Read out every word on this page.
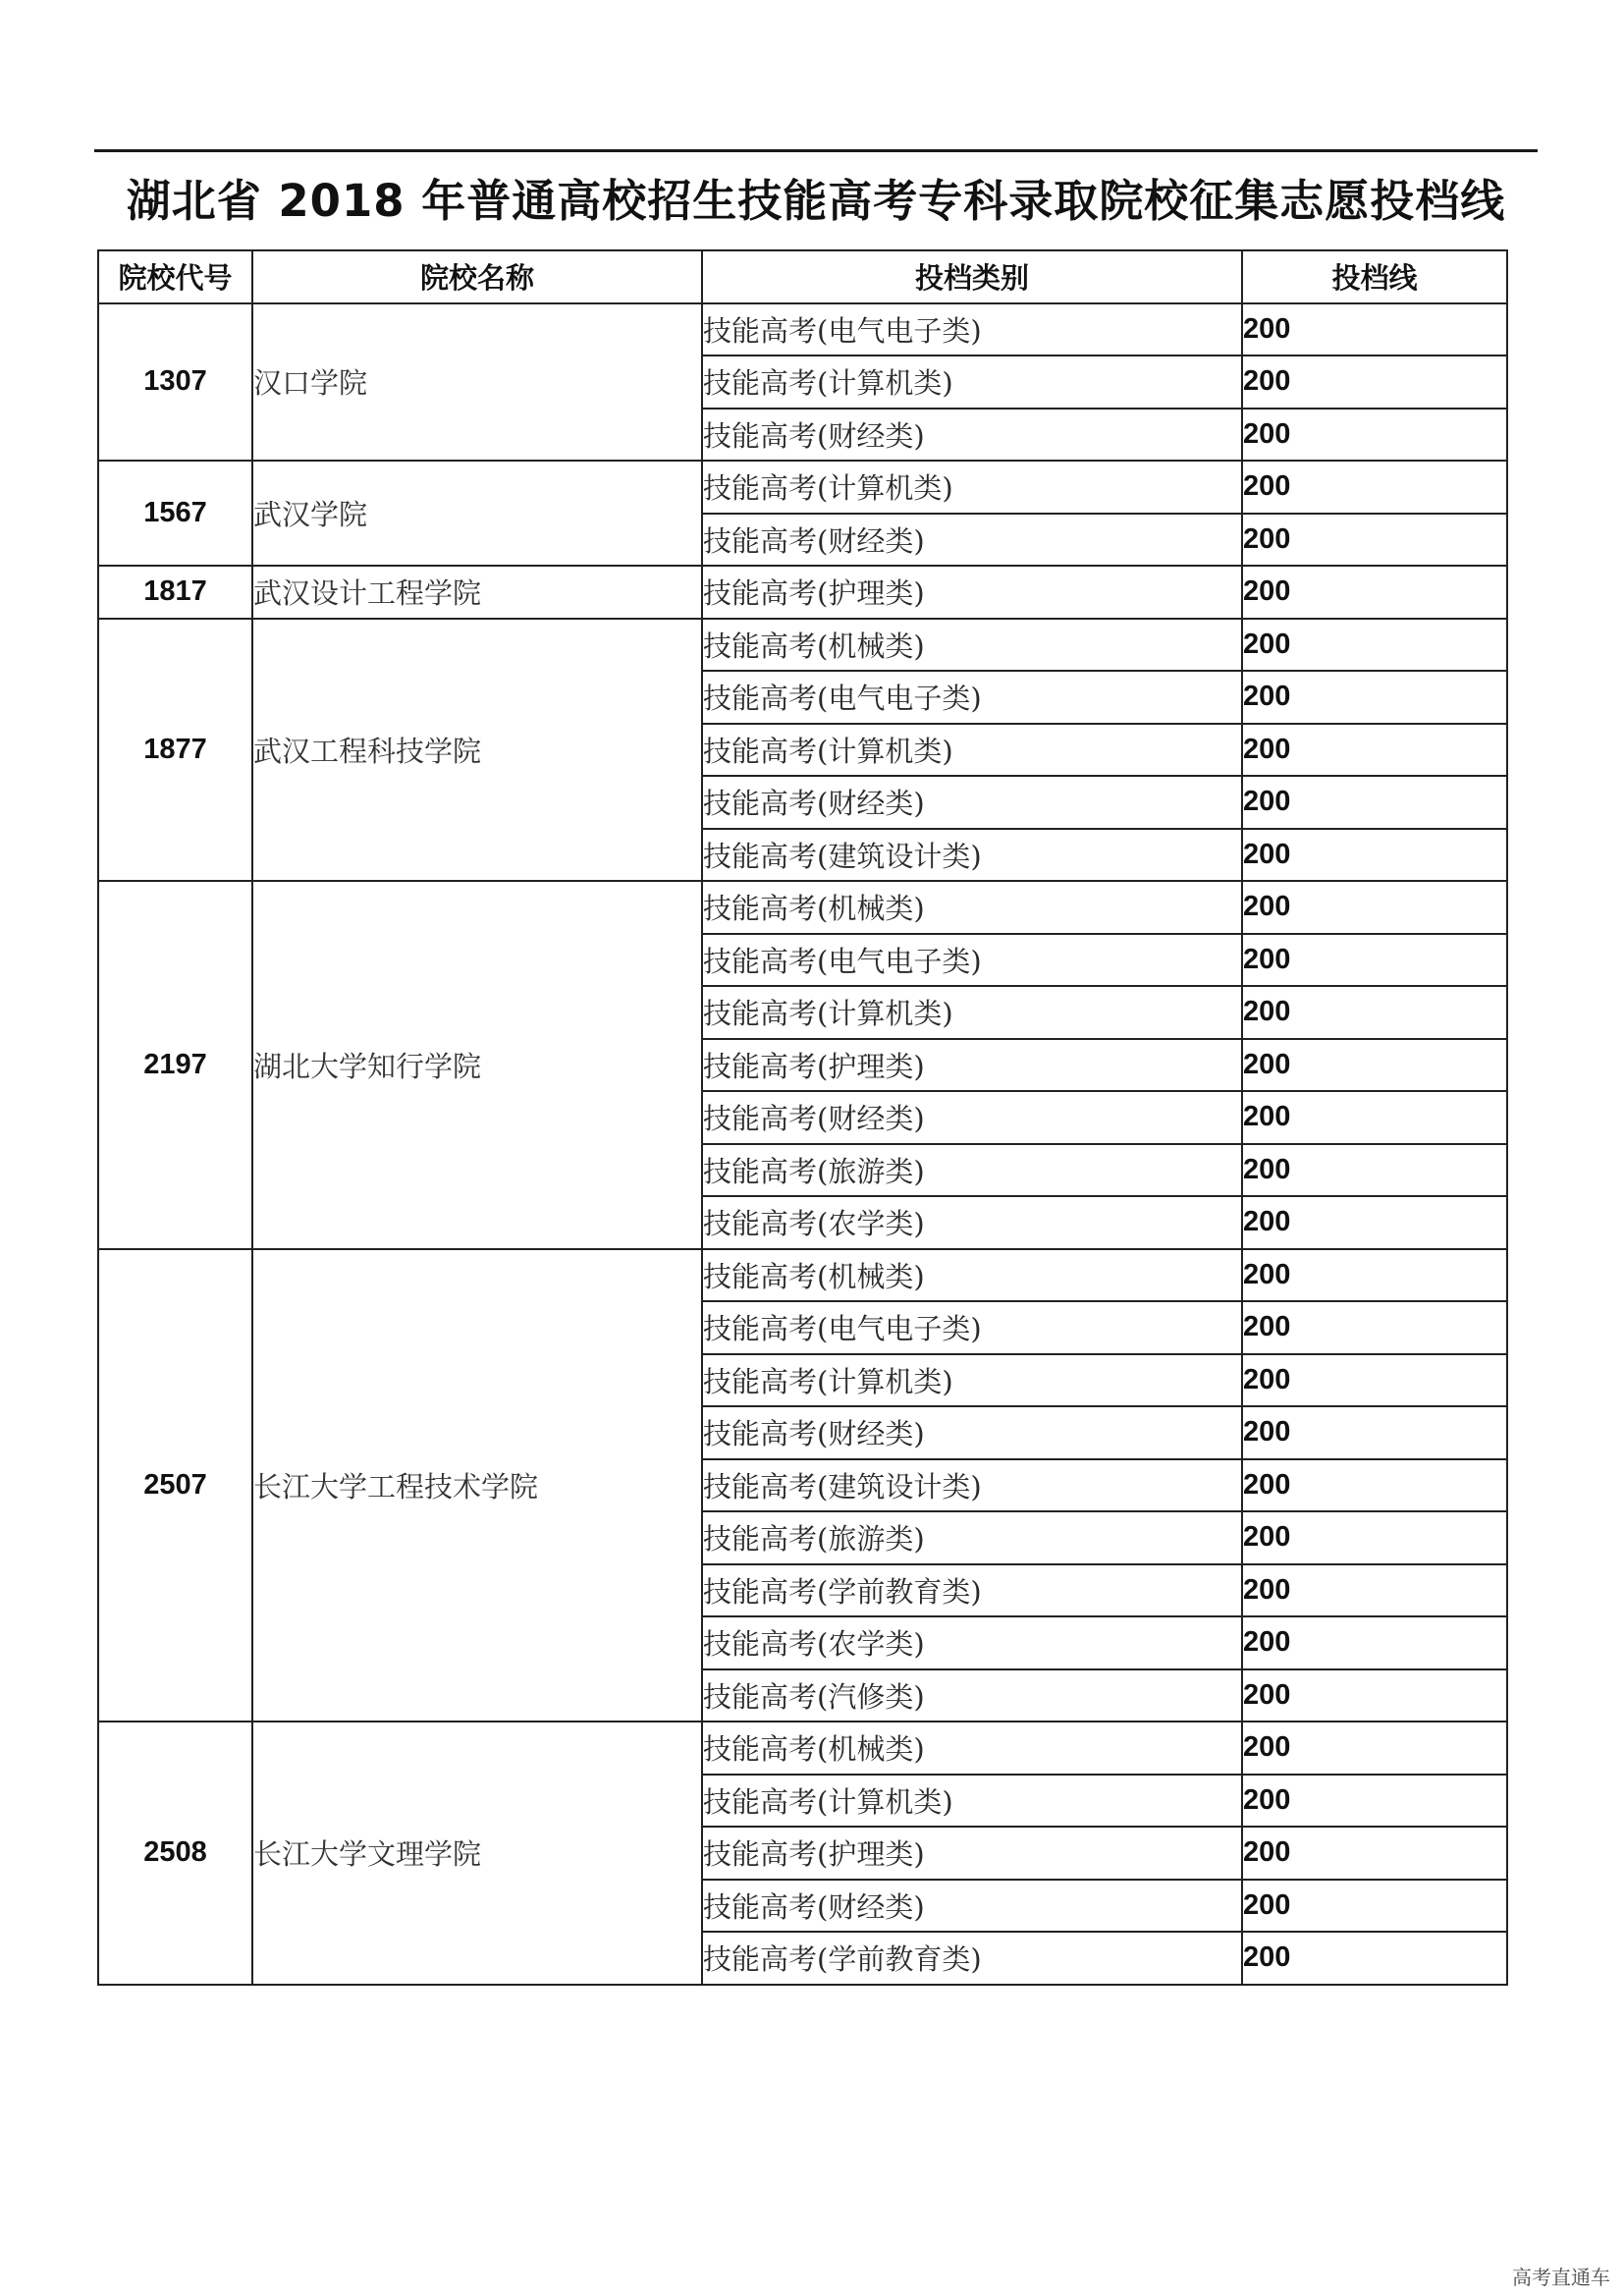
湖北省 2018 年普通高校招生技能高考专科录取院校征集志愿投档线
院校代号	院校名称	投档类别	投档线
1307	汉口学院	技能高考(电气电子类)	200
		技能高考(计算机类)	200
		技能高考(财经类)	200
1567	武汉学院	技能高考(计算机类)	200
		技能高考(财经类)	200
1817	武汉设计工程学院	技能高考(护理类)	200
1877	武汉工程科技学院	技能高考(机械类)	200
		技能高考(电气电子类)	200
		技能高考(计算机类)	200
		技能高考(财经类)	200
		技能高考(建筑设计类)	200
2197	湖北大学知行学院	技能高考(机械类)	200
		技能高考(电气电子类)	200
		技能高考(计算机类)	200
		技能高考(护理类)	200
		技能高考(财经类)	200
		技能高考(旅游类)	200
		技能高考(农学类)	200
2507	长江大学工程技术学院	技能高考(机械类)	200
		技能高考(电气电子类)	200
		技能高考(计算机类)	200
		技能高考(财经类)	200
		技能高考(建筑设计类)	200
		技能高考(旅游类)	200
		技能高考(学前教育类)	200
		技能高考(农学类)	200
		技能高考(汽修类)	200
2508	长江大学文理学院	技能高考(机械类)	200
		技能高考(计算机类)	200
		技能高考(护理类)	200
		技能高考(财经类)	200
		技能高考(学前教育类)	200
高考直通车
